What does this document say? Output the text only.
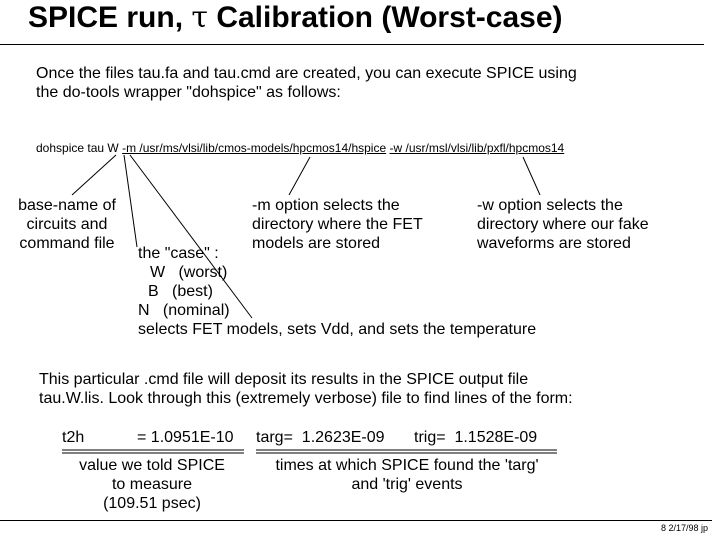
SPICE run, τ Calibration (Worst-case)
Once the files tau.fa and tau.cmd are created, you can execute SPICE using
the do-tools wrapper "dohspice" as follows:
dohspice tau W -m /usr/ms/vlsi/lib/cmos-models/hpcmos14/hspice -w /usr/msl/vlsi/lib/pxfl/hpcmos14
base-name of
circuits and
command file
-m option selects the
directory where the FET
models are stored
-w option selects the
directory where our fake
waveforms are stored
the "case" :
W   (worst)
B   (best)
N   (nominal)
selects FET models, sets Vdd, and sets the temperature
This particular .cmd file will deposit its results in the SPICE output file
tau.W.lis. Look through this (extremely verbose) file to find lines of the form:
t2h	= 1.0951E-10 targ=  1.2623E-09 trig=  1.1528E-09
value we told SPICE
to measure
(109.51 psec)
times at which SPICE found the 'targ'
and 'trig' events
8 2/17/98 jp
